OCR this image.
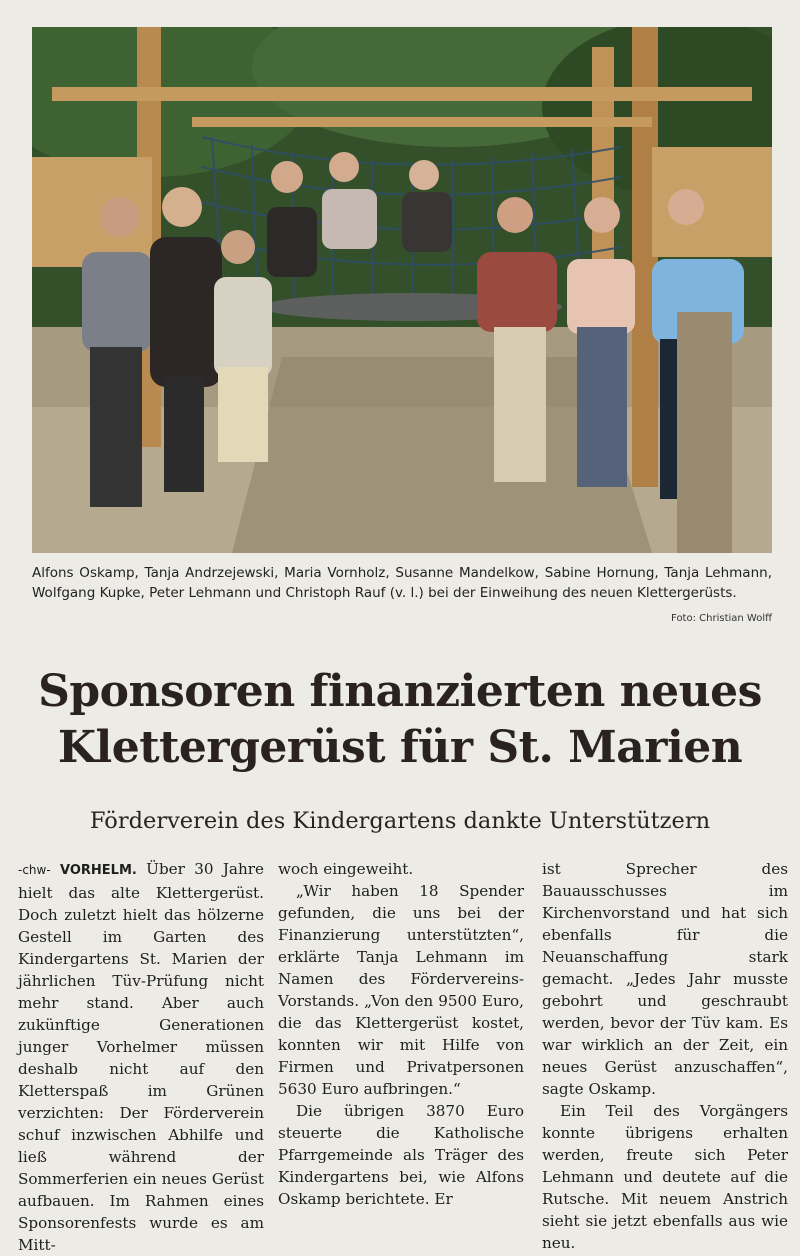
Alfons Oskamp, Tanja Andrzejewski, Maria Vornholz, Susanne Mandelkow, Sabine Hornung, Tanja Lehmann, Wolfgang Kupke, Peter Lehmann und Christoph Rauf (v. l.) bei der Einweihung des neuen Klettergerüsts.
Foto: Christian Wolff
Sponsoren finanzierten neues
Klettergerüst für St. Marien
Förderverein des Kindergartens dankte Unterstützern

-chw- VORHELM. Über 30 Jahre hielt das alte Klettergerüst. Doch zuletzt hielt das hölzerne Gestell im Garten des Kindergartens St. Marien der jährlichen Tüv-Prüfung nicht mehr stand. Aber auch zukünftige Generationen junger Vorhelmer müssen deshalb nicht auf den Kletterspaß im Grünen verzichten: Der Förderverein schuf inzwischen Abhilfe und ließ während der Sommerferien ein neues Gerüst aufbauen. Im Rahmen eines Sponsorenfests wurde es am Mitt-

woch eingeweiht.

„Wir haben 18 Spender gefunden, die uns bei der Finanzierung unterstützten“, erklärte Tanja Lehmann im Namen des Fördervereins-Vorstands. „Von den 9500 Euro, die das Klettergerüst kostet, konnten wir mit Hilfe von Firmen und Privatpersonen 5630 Euro aufbringen.“

Die übrigen 3870 Euro steuerte die Katholische Pfarrgemeinde als Träger des Kindergartens bei, wie Alfons Oskamp berichtete. Er

ist Sprecher des Bauausschusses im Kirchenvorstand und hat sich ebenfalls für die Neuanschaffung stark gemacht. „Jedes Jahr musste gebohrt und geschraubt werden, bevor der Tüv kam. Es war wirklich an der Zeit, ein neues Gerüst anzuschaffen“, sagte Oskamp.

Ein Teil des Vorgängers konnte übrigens erhalten werden, freute sich Peter Lehmann und deutete auf die Rutsche. Mit neuem Anstrich sieht sie jetzt ebenfalls aus wie neu.
